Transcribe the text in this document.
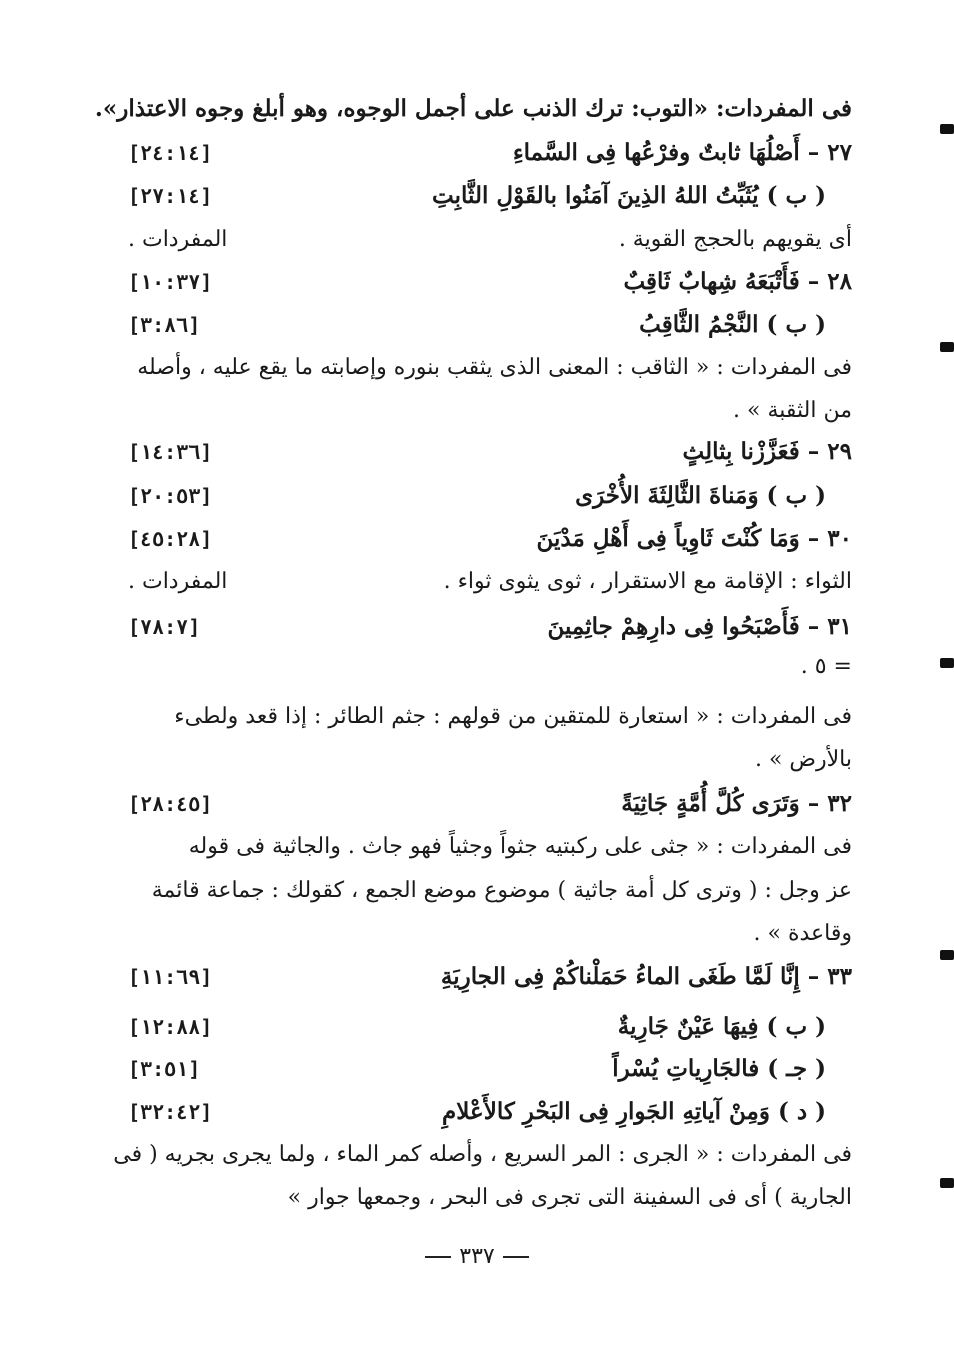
فى المفردات: «التوب: ترك الذنب على أجمل الوجوه، وهو أبلغ وجوه الاعتذار».
٢٧ – أَصْلُهَا ثابتٌ وفرْعُها فِى السَّماءِ
[٢٤:١٤]
( ب ) يُثَبِّتُ اللهُ الذِينَ آمَنُوا بالقَوْلِ الثَّابِتِ
[٢٧:١٤]
أى يقويهم بالحجج القوية .
المفردات .
٢٨ – فَأَتْبَعَهُ شِهابٌ ثَاقِبٌ
[١٠:٣٧]
( ب ) النَّجْمُ الثَّاقِبُ
[٣:٨٦]
فى المفردات : « الثاقب : المعنى الذى يثقب بنوره وإصابته ما يقع عليه ، وأصله
من الثقبة » .
٢٩ – فَعَزَّزْنا بِثالِثٍ
[١٤:٣٦]
( ب ) وَمَناةَ الثَّالِثَةَ الأُخْرَى
[٢٠:٥٣]
٣٠ – وَمَا كُنْتَ ثَاوِياً فِى أَهْلِ مَدْيَنَ
[٤٥:٢٨]
الثواء : الإقامة مع الاستقرار ، ثوى يثوى ثواء .
المفردات .
٣١ – فَأَصْبَحُوا فِى دارِهِمْ جاثِمِينَ
[٧٨:٧]
= ٥ .
فى المفردات : « استعارة للمتقين من قولهم : جثم الطائر : إذا قعد ولطىء
بالأرض » .
٣٢ – وَتَرَى كُلَّ أُمَّةٍ جَاثِيَةً
[٢٨:٤٥]
فى المفردات : « جثى على ركبتيه جثواً وجثياً فهو جاث . والجاثية فى قوله
عز وجل : ( وترى كل أمة جاثية ) موضوع موضع الجمع ، كقولك : جماعة قائمة
وقاعدة » .
٣٣ – إِنَّا لَمَّا طَغَى الماءُ حَمَلْناكُمْ فِى الجارِيَةِ
[١١:٦٩]
( ب ) فِيهَا عَيْنٌ جَارِيةٌ
[١٢:٨٨]
( جـ ) فالجَارِياتِ يُسْراً
[٣:٥١]
( د ) وَمِنْ آياتِهِ الجَوارِ فِى البَحْرِ كالأَعْلامِ
[٣٢:٤٢]
فى المفردات : « الجرى : المر السريع ، وأصله كمر الماء ، ولما يجرى بجريه ( فى
الجارية ) أى فى السفينة التى تجرى فى البحر ، وجمعها جوار »
٣٣٧
